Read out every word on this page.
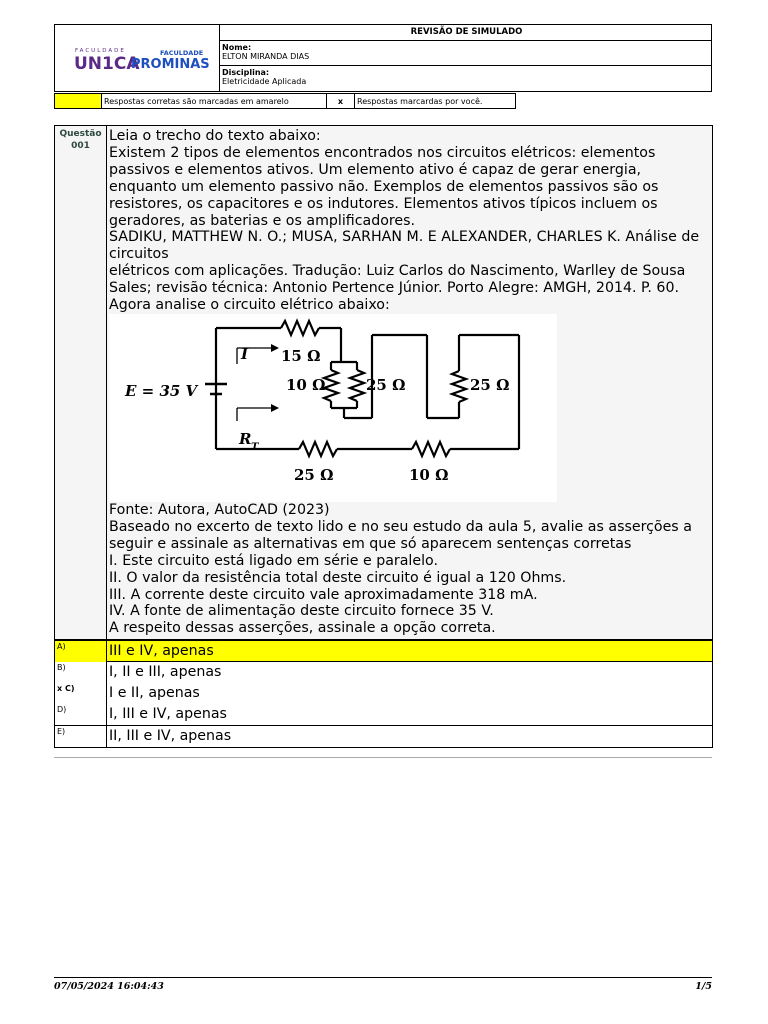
FACULDADE
UN1CA
FACULDADE
PROMINAS
REVISÃO DE SIMULADO
Nome:
ELTON MIRANDA DIAS
Disciplina:
Eletricidade Aplicada
Respostas corretas são marcadas em amarelo	x	Respostas marcardas por você.
Questão
001

Leia o trecho do texto abaixo:

Existem 2 tipos de elementos encontrados nos circuitos elétricos: elementos passivos e elementos ativos. Um elemento ativo é capaz de gerar energia, enquanto um elemento passivo não. Exemplos de elementos passivos são os resistores, os capacitores e os indutores. Elementos ativos típicos incluem os geradores, as baterias e os amplificadores.

SADIKU, MATTHEW N. O.; MUSA, SARHAN M. E ALEXANDER, CHARLES K. Análise de circuitos

elétricos com aplicações. Tradução: Luiz Carlos do Nascimento, Warlley de Sousa Sales; revisão técnica: Antonio Pertence Júnior. Porto Alegre: AMGH, 2014. P. 60.

Agora analise o circuito elétrico abaixo:

E = 35 V
I
R T
15 Ω
10 Ω	25 Ω	25 Ω
25 Ω	10 Ω

Fonte: Autora, AutoCAD (2023)

Baseado no excerto de texto lido e no seu estudo da aula 5, avalie as asserções a seguir e assinale as alternativas em que só aparecem sentenças corretas

I. Este circuito está ligado em série e paralelo.

II. O valor da resistência total deste circuito é igual a 120 Ohms.

III. A corrente deste circuito vale aproximadamente 318 mA.

IV. A fonte de alimentação deste circuito fornece 35 V.

A respeito dessas asserções, assinale a opção correta.

A)	III e IV, apenas
B)	I, II e III, apenas
x C)	I e II, apenas
D)	I, III e IV, apenas
E)	II, III e IV, apenas
07/05/2024 16:04:43	1/5
